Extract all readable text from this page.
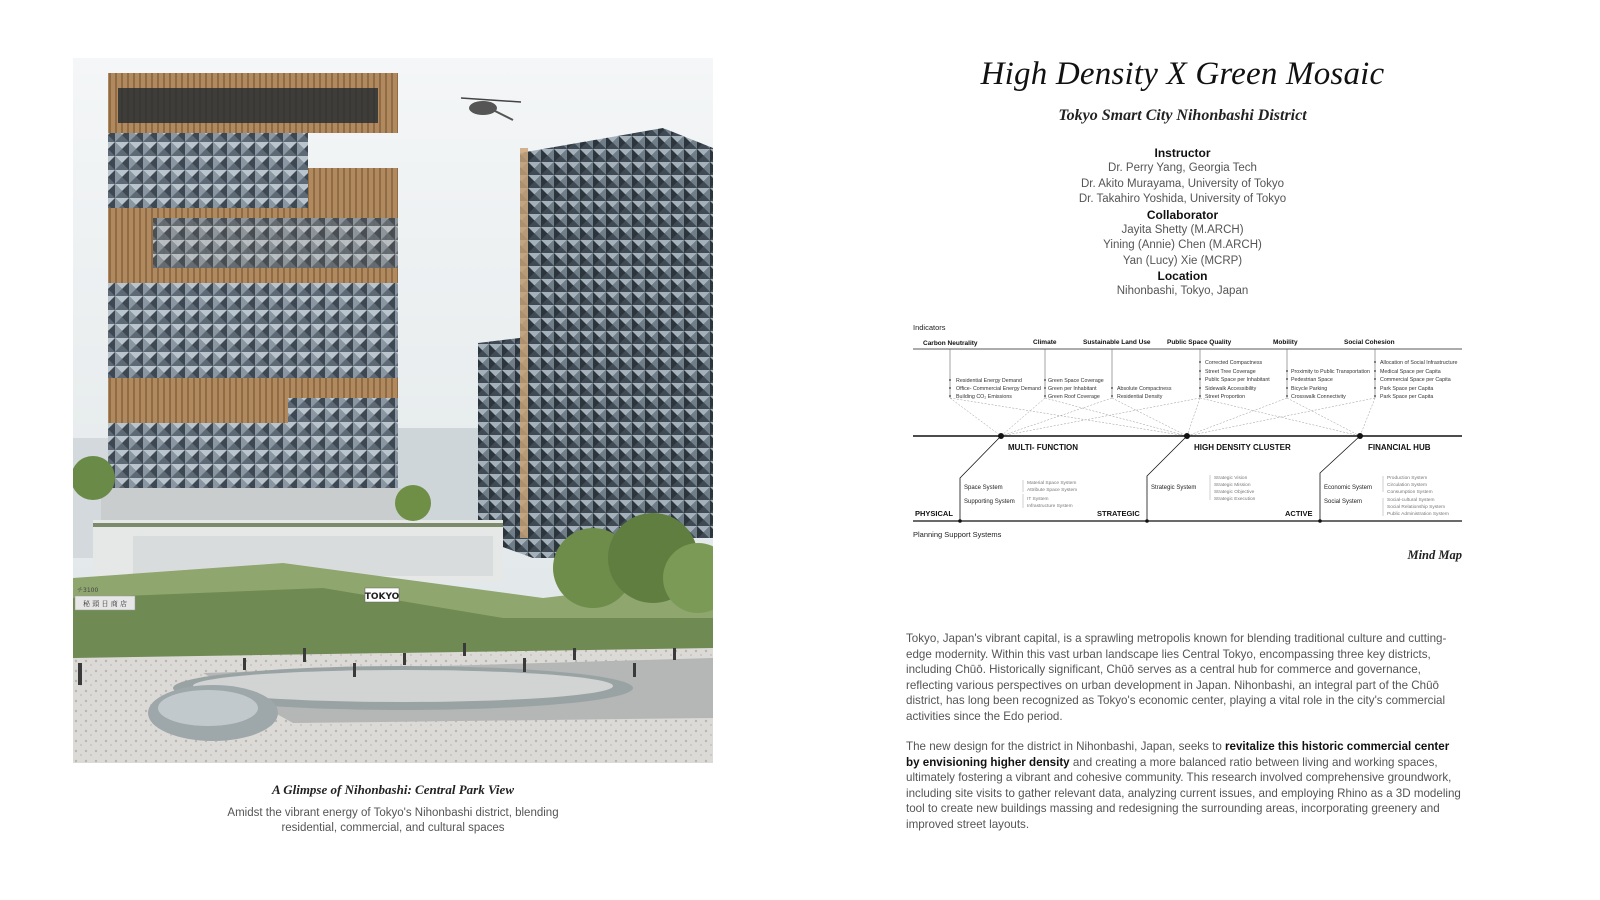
秘 頭 日 商 店
チ3100
TOKYO
A Glimpse of Nihonbashi: Central Park View
Amidst the vibrant energy of Tokyo's Nihonbashi district, blending residential, commercial, and cultural spaces
High Density X Green Mosaic
Tokyo Smart City Nihonbashi District
Instructor
Dr. Perry Yang, Georgia Tech
Dr. Akito Murayama, University of Tokyo
Dr. Takahiro Yoshida, University of Tokyo
Collaborator
Jayita Shetty (M.ARCH)
Yining (Annie) Chen (M.ARCH)
Yan (Lucy) Xie (MCRP)
Location
Nihonbashi, Tokyo, Japan
Indicators
Carbon Neutrality	Climate	Sustainable Land Use	Public Space Quality	Mobility	Social Cohesion
Residential Energy Demand
Office- Commercial Energy Demand
Building CO₂ Emissions
Green Space Coverage
Green per Inhabitant
Green Roof Coverage
Absolute Compactness
Residential Density
Corrected Compactness
Street Tree Coverage
Public Space per Inhabitant
Sidewalk Accessibility
Street Proportion
Proximity to Public Transportation
Pedestrian Space
Bicycle Parking
Crosswalk Connectivity
Allocation of Social Infrastructure
Medical Space per Capita
Commercial Space per Capita
Park Space per Capita
Park Space per Capita
MULTI- FUNCTION	HIGH DENSITY CLUSTER	FINANCIAL HUB
PHYSICAL	STRATEGIC	ACTIVE
Space System
Supporting System
Material Space System
Attribute Space System
IT System
Infrastructure System
Strategic System
Strategic Vision
Strategic Mission
Strategic Objective
Strategic Execution
Economic System
Social System
Production System
Circulation System
Consumption System
Social-cultural System
Social Relationship System
Public Administration System
Planning Support Systems
Mind Map
Tokyo, Japan's vibrant capital, is a sprawling metropolis known for blending traditional culture and cutting-edge modernity. Within this vast urban landscape lies Central Tokyo, encompassing three key districts, including Chūō. Historically significant, Chūō serves as a central hub for commerce and governance, reflecting various perspectives on urban development in Japan. Nihonbashi, an integral part of the Chūō district, has long been recognized as Tokyo's economic center, playing a vital role in the city's commercial activities since the Edo period.
The new design for the district in Nihonbashi, Japan, seeks to revitalize this historic commercial center by envisioning higher density and creating a more balanced ratio between living and working spaces, ultimately fostering a vibrant and cohesive community. This research involved comprehensive groundwork, including site visits to gather relevant data, analyzing current issues, and employing Rhino as a 3D modeling tool to create new buildings massing and redesigning the surrounding areas, incorporating greenery and improved street layouts.
